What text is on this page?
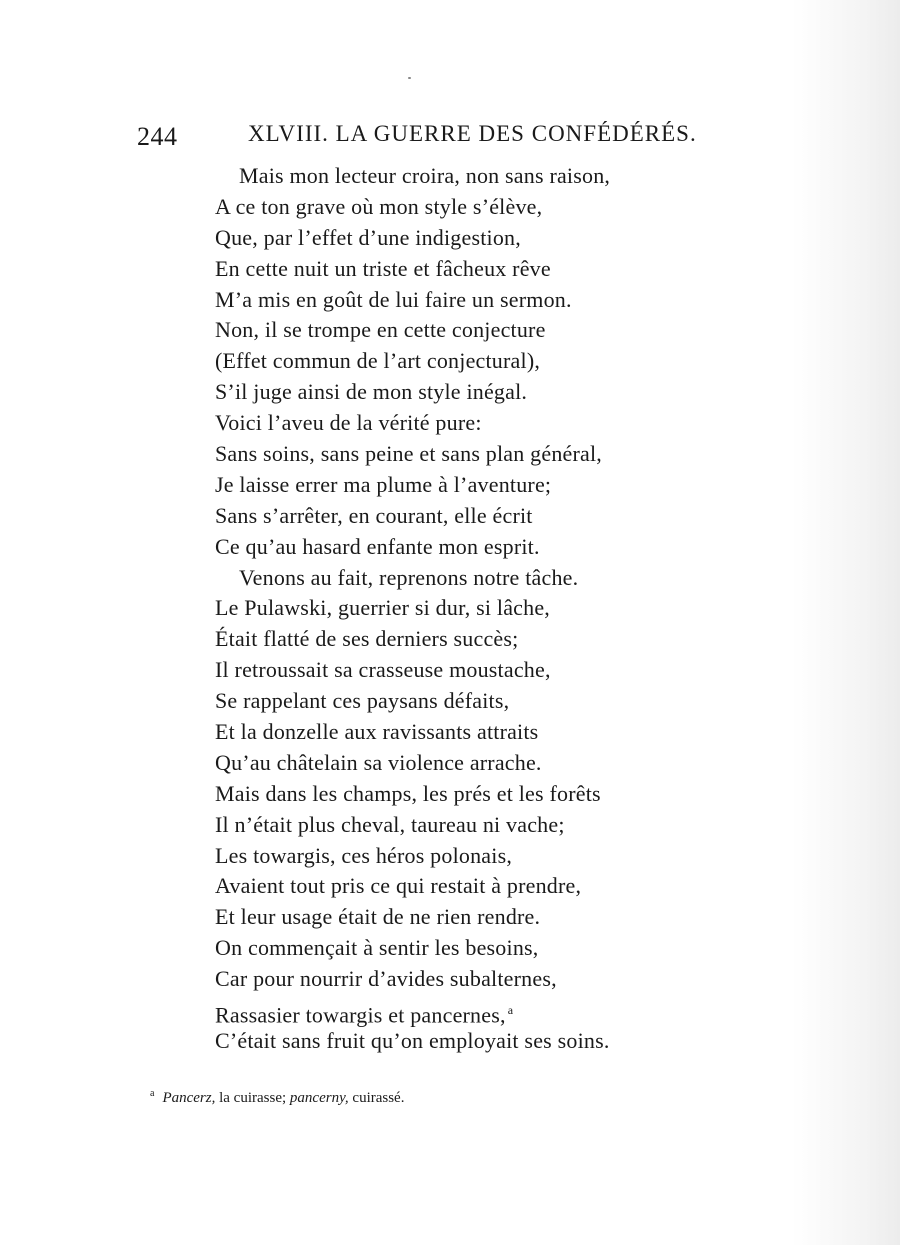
244	XLVIII. LA GUERRE DES CONFÉDÉRÉS.
Mais mon lecteur croira, non sans raison,
A ce ton grave où mon style s’élève,
Que, par l’effet d’une indigestion,
En cette nuit un triste et fâcheux rêve
M’a mis en goût de lui faire un sermon.
Non, il se trompe en cette conjecture
(Effet commun de l’art conjectural),
S’il juge ainsi de mon style inégal.
Voici l’aveu de la vérité pure:
Sans soins, sans peine et sans plan général,
Je laisse errer ma plume à l’aventure;
Sans s’arrêter, en courant, elle écrit
Ce qu’au hasard enfante mon esprit.
Venons au fait, reprenons notre tâche.
Le Pulawski, guerrier si dur, si lâche,
Était flatté de ses derniers succès;
Il retroussait sa crasseuse moustache,
Se rappelant ces paysans défaits,
Et la donzelle aux ravissants attraits
Qu’au châtelain sa violence arrache.
Mais dans les champs, les prés et les forêts
Il n’était plus cheval, taureau ni vache;
Les towargis, ces héros polonais,
Avaient tout pris ce qui restait à prendre,
Et leur usage était de ne rien rendre.
On commençait à sentir les besoins,
Car pour nourrir d’avides subalternes,
Rassasier towargis et pancernes, $^a$
C’était sans fruit qu’on employait ses soins.
$^a$ Pancerz, la cuirasse; pancerny, cuirassé.
